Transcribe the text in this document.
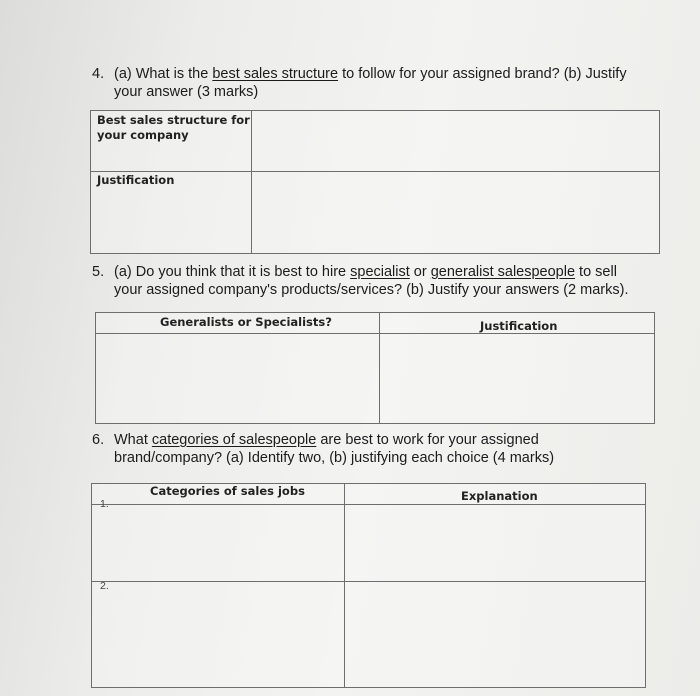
4. (a) What is the best sales structure to follow for your assigned brand? (b) Justify
your answer (3 marks)
Best sales structure for
your company
Justification
5. (a) Do you think that it is best to hire specialist or generalist salespeople to sell
your assigned company's products/services? (b) Justify your answers (2 marks).
Generalists or Specialists?	Justification
6. What categories of salespeople are best to work for your assigned
brand/company? (a) Identify two, (b) justifying each choice (4 marks)
Categories of sales jobs	Explanation
1.
2.
